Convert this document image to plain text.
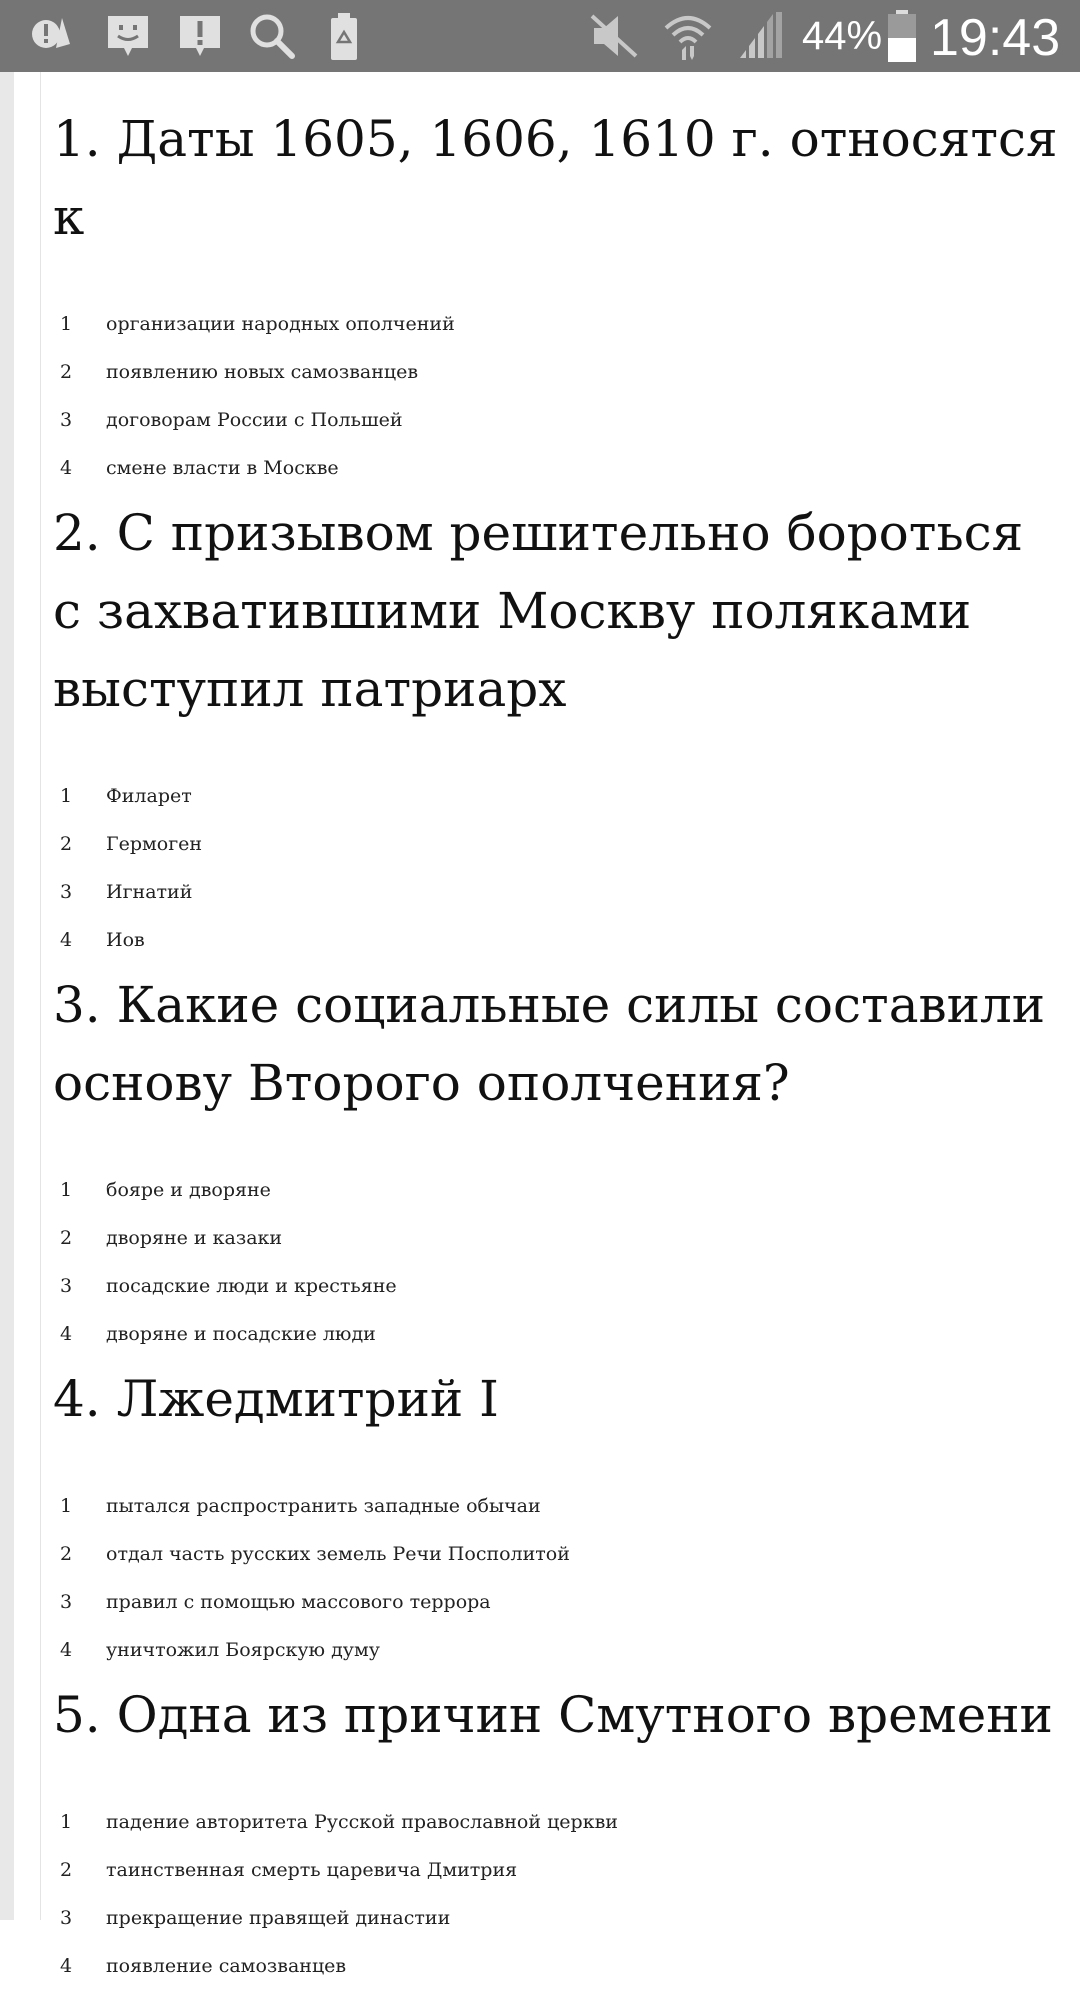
44% 19:43
1. Даты 1605, 1606, 1610 г. относятся к
1	организации народных ополчений
2	появлению новых самозванцев
3	договорам России с Польшей
4	смене власти в Москве
2. С призывом решительно бороться с захватившими Москву поляками выступил патриарх
1	Филарет
2	Гермоген
3	Игнатий
4	Иов
3. Какие социальные силы составили основу Второго ополчения?
1	бояре и дворяне
2	дворяне и казаки
3	посадские люди и крестьяне
4	дворяне и посадские люди
4. Лжедмитрий I
1	пытался распространить западные обычаи
2	отдал часть русских земель Речи Посполитой
3	правил с помощью массового террора
4	уничтожил Боярскую думу
5. Одна из причин Смутного времени
1	падение авторитета Русской православной церкви
2	таинственная смерть царевича Дмитрия
3	прекращение правящей династии
4	появление самозванцев
